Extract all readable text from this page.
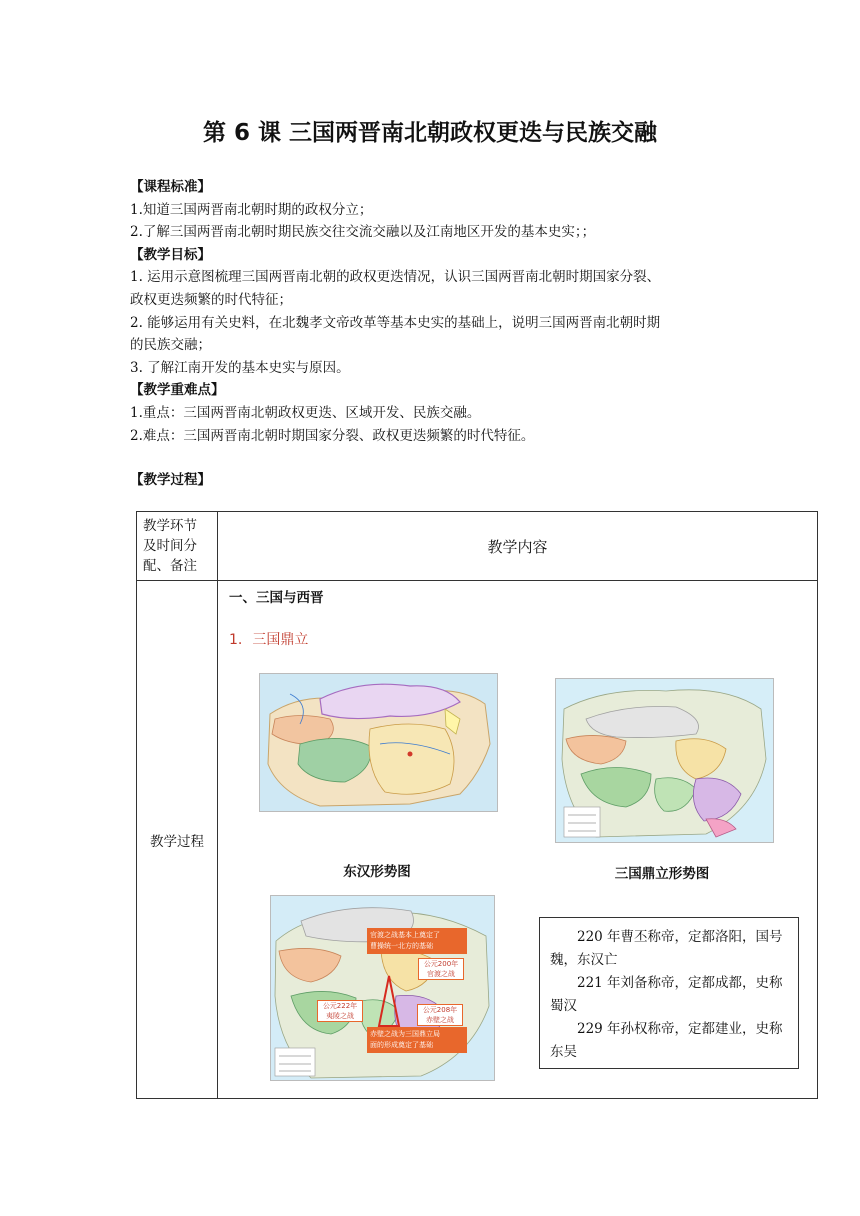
第 6 课 三国两晋南北朝政权更迭与民族交融
【课程标准】
1.知道三国两晋南北朝时期的政权分立；
2.了解三国两晋南北朝时期民族交往交流交融以及江南地区开发的基本史实；；
【教学目标】
1. 运用示意图梳理三国两晋南北朝的政权更迭情况，认识三国两晋南北朝时期国家分裂、
政权更迭频繁的时代特征；
2. 能够运用有关史料，在北魏孝文帝改革等基本史实的基础上，说明三国两晋南北朝时期
的民族交融；
3. 了解江南开发的基本史实与原因。
【教学重难点】
1.重点：三国两晋南北朝政权更迭、区域开发、民族交融。
2.难点：三国两晋南北朝时期国家分裂、政权更迭频繁的时代特征。
【教学过程】
教学环节
及时间分
配、备注
教学内容
教学过程
一、三国与西晋
1. 三国鼎立
东汉形势图	三国鼎立形势图
官渡之战基本上奠定了
曹操统一北方的基础
公元200年
官渡之战
公元222年
夷陵之战
公元208年
赤壁之战
赤壁之战为三国鼎立局
面的形成奠定了基础

220 年曹丕称帝，定都洛阳，国号魏，东汉亡

221 年刘备称帝，定都成都，史称蜀汉

229 年孙权称帝，定都建业，史称东吴
